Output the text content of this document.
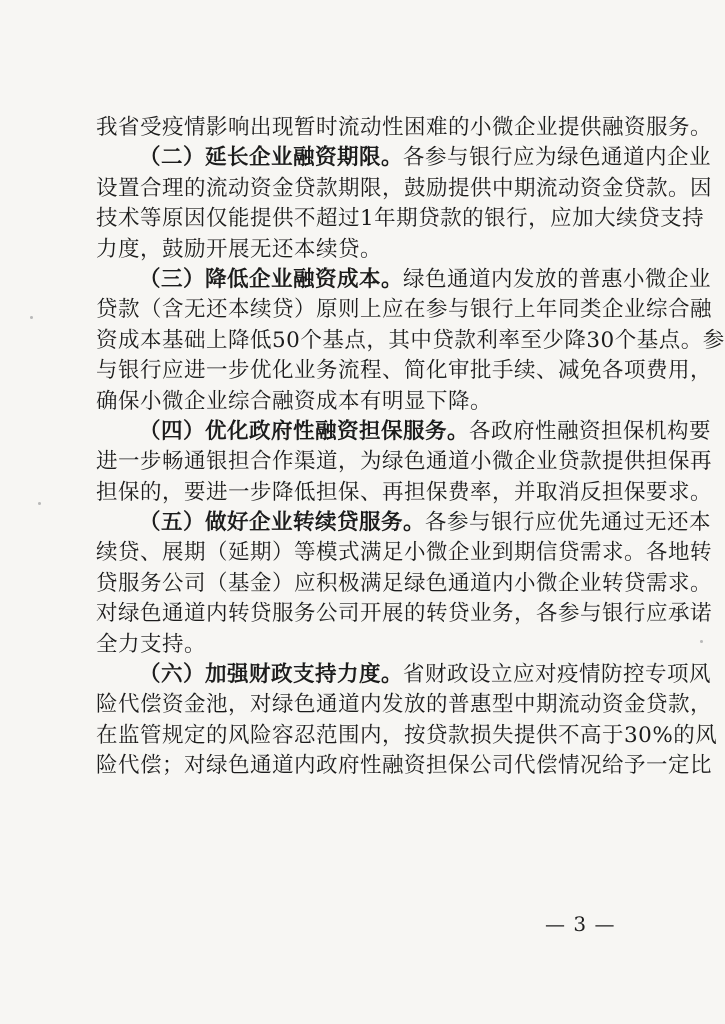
我省受疫情影响出现暂时流动性困难的小微企业提供融资服务。
（二）延长企业融资期限。各参与银行应为绿色通道内企业
设置合理的流动资金贷款期限，鼓励提供中期流动资金贷款。因
技术等原因仅能提供不超过1年期贷款的银行，应加大续贷支持
力度，鼓励开展无还本续贷。
（三）降低企业融资成本。绿色通道内发放的普惠小微企业
贷款（含无还本续贷）原则上应在参与银行上年同类企业综合融
资成本基础上降低50个基点，其中贷款利率至少降30个基点。参
与银行应进一步优化业务流程、简化审批手续、减免各项费用，
确保小微企业综合融资成本有明显下降。
（四）优化政府性融资担保服务。各政府性融资担保机构要
进一步畅通银担合作渠道，为绿色通道小微企业贷款提供担保再
担保的，要进一步降低担保、再担保费率，并取消反担保要求。
（五）做好企业转续贷服务。各参与银行应优先通过无还本
续贷、展期（延期）等模式满足小微企业到期信贷需求。各地转
贷服务公司（基金）应积极满足绿色通道内小微企业转贷需求。
对绿色通道内转贷服务公司开展的转贷业务，各参与银行应承诺
全力支持。
（六）加强财政支持力度。省财政设立应对疫情防控专项风
险代偿资金池，对绿色通道内发放的普惠型中期流动资金贷款，
在监管规定的风险容忍范围内，按贷款损失提供不高于30%的风
险代偿；对绿色通道内政府性融资担保公司代偿情况给予一定比
— 3 —
